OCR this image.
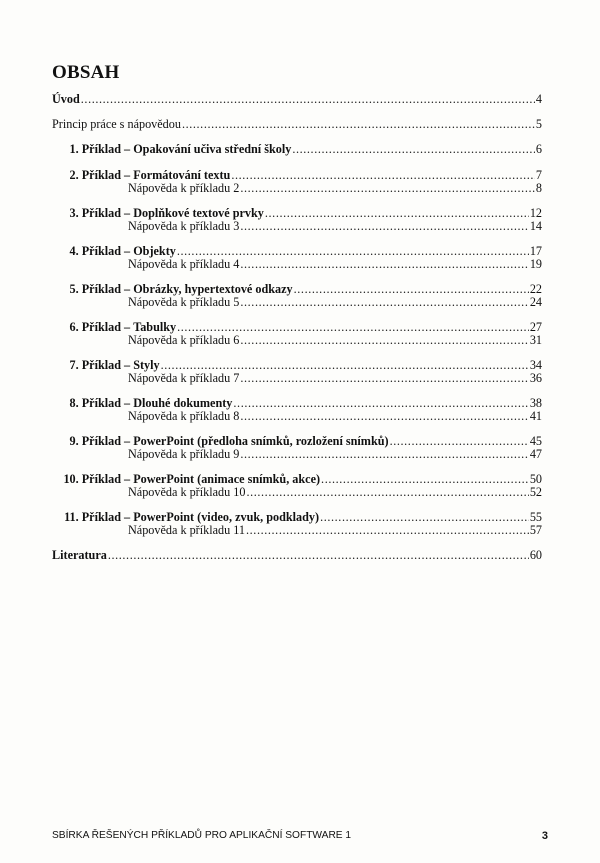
OBSAH
Úvod .....	4
Princip práce s nápovědou .....	5
1. Příklad – Opakování učiva střední školy .....	6
2. Příklad – Formátování textu .....	7
Nápověda k příkladu 2 .....	8
3. Příklad – Doplňkové textové prvky .....	12
Nápověda k příkladu 3 .....	14
4. Příklad – Objekty .....	17
Nápověda k příkladu 4 .....	19
5. Příklad – Obrázky, hypertextové odkazy .....	22
Nápověda k příkladu 5 .....	24
6. Příklad – Tabulky .....	27
Nápověda k příkladu 6 .....	31
7. Příklad – Styly .....	34
Nápověda k příkladu 7 .....	36
8. Příklad – Dlouhé dokumenty .....	38
Nápověda k příkladu 8 .....	41
9. Příklad – PowerPoint (předloha snímků, rozložení snímků) .....	45
Nápověda k příkladu 9 .....	47
10. Příklad – PowerPoint (animace snímků, akce) .....	50
Nápověda k příkladu 10 .....	52
11. Příklad – PowerPoint (video, zvuk, podklady) .....	55
Nápověda k příkladu 11 .....	57
Literatura .....	60
SBÍRKA ŘEŠENÝCH PŘÍKLADŮ PRO APLIKAČNÍ SOFTWARE 1	3
